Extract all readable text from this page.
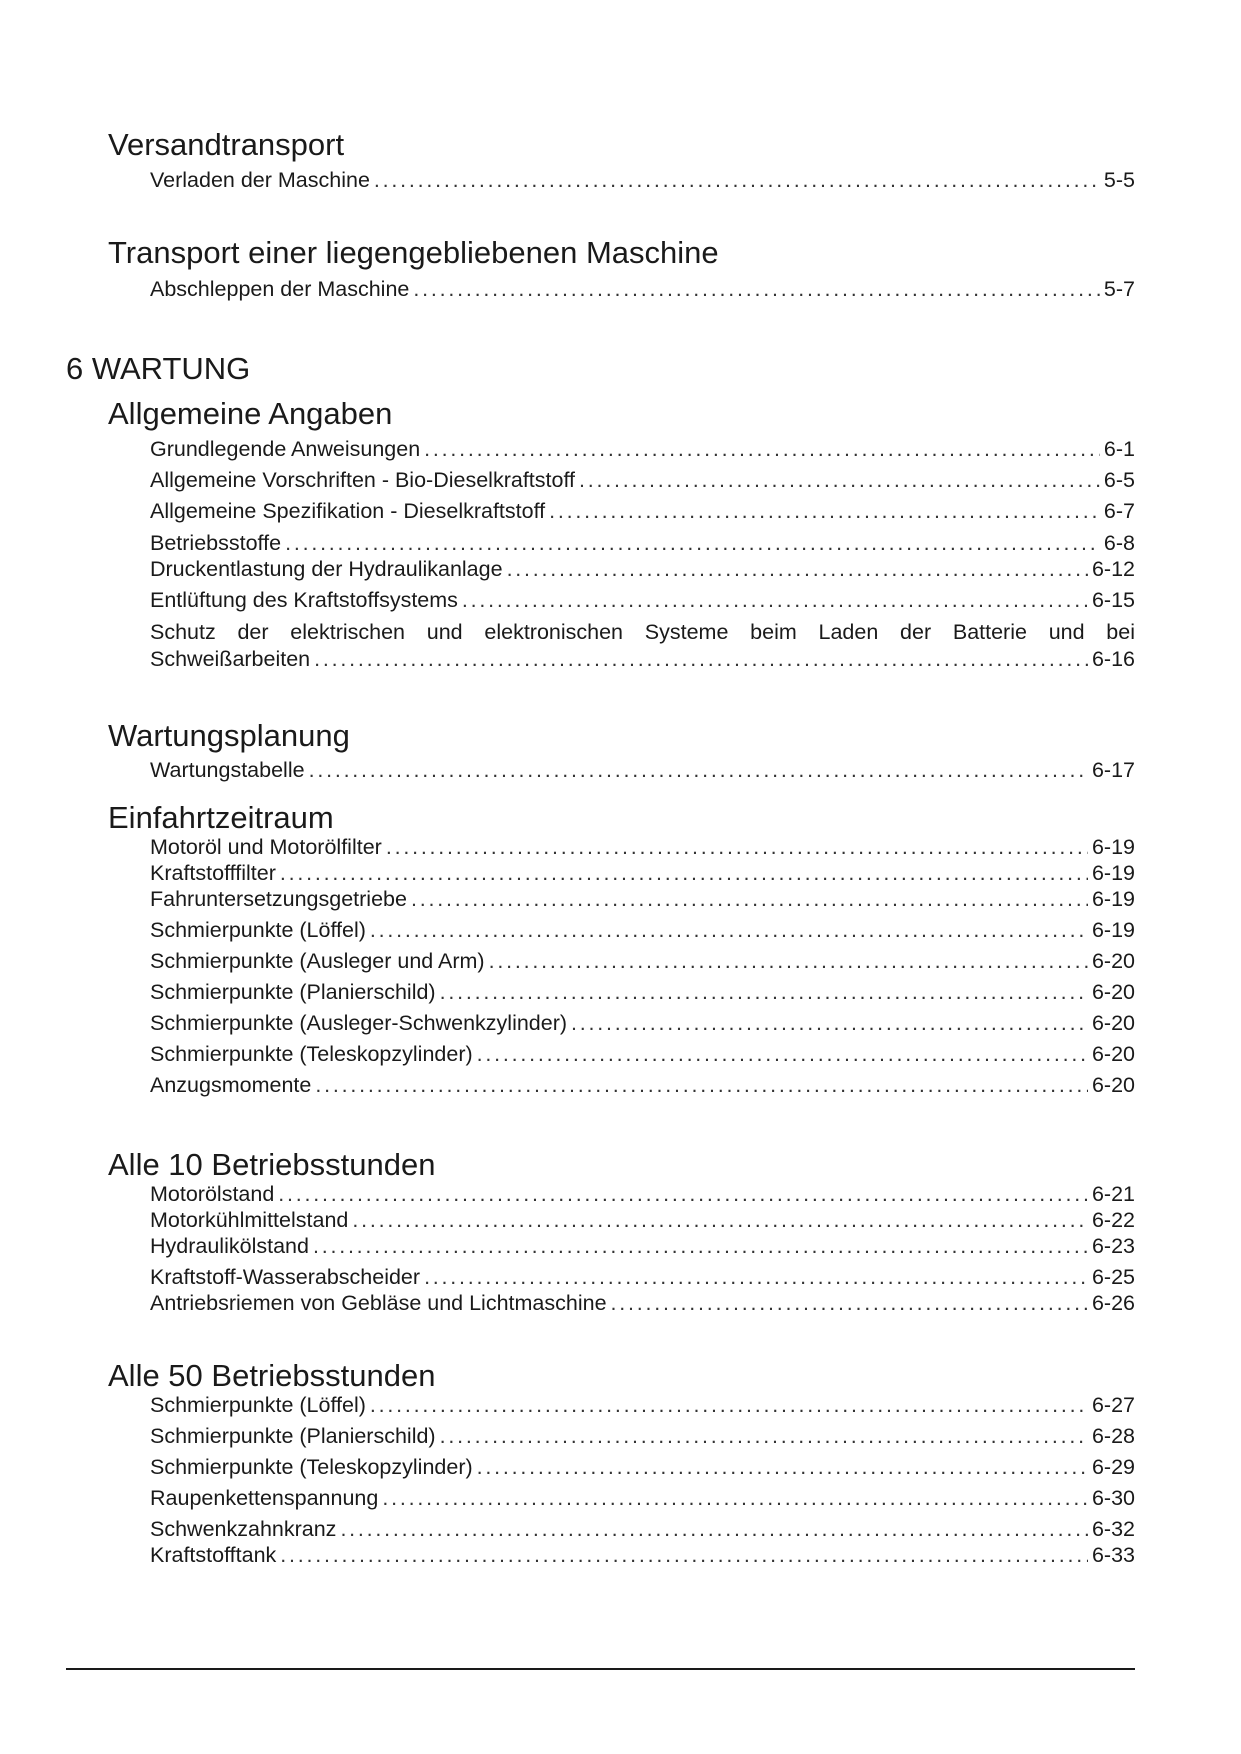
Versandtransport
Verladen der Maschine . . .	5-5
Transport einer liegengebliebenen Maschine
Abschleppen der Maschine . . .	5-7
6 WARTUNG
Allgemeine Angaben
Grundlegende Anweisungen . . .	6-1
Allgemeine Vorschriften - Bio-Dieselkraftstoff . . .	6-5
Allgemeine Spezifikation - Dieselkraftstoff . . .	6-7
Betriebsstoffe . . .	6-8
Druckentlastung der Hydraulikanlage . . .	6-12
Entlüftung des Kraftstoffsystems . . .	6-15
Schutz der elektrischen und elektronischen Systeme beim Laden der Batterie und bei
Schweißarbeiten . . .	6-16
Wartungsplanung
Wartungstabelle . . .	6-17
Einfahrtzeitraum
Motoröl und Motorölfilter . . .	6-19
Kraftstofffilter . . .	6-19
Fahruntersetzungsgetriebe . . .	6-19
Schmierpunkte (Löffel) . . .	6-19
Schmierpunkte (Ausleger und Arm) . . .	6-20
Schmierpunkte (Planierschild) . . .	6-20
Schmierpunkte (Ausleger-Schwenkzylinder) . . .	6-20
Schmierpunkte (Teleskopzylinder) . . .	6-20
Anzugsmomente . . .	6-20
Alle 10 Betriebsstunden
Motorölstand . . .	6-21
Motorkühlmittelstand . . .	6-22
Hydraulikölstand . . .	6-23
Kraftstoff-Wasserabscheider . . .	6-25
Antriebsriemen von Gebläse und Lichtmaschine . . .	6-26
Alle 50 Betriebsstunden
Schmierpunkte (Löffel) . . .	6-27
Schmierpunkte (Planierschild) . . .	6-28
Schmierpunkte (Teleskopzylinder) . . .	6-29
Raupenkettenspannung . . .	6-30
Schwenkzahnkranz . . .	6-32
Kraftstofftank . . .	6-33
